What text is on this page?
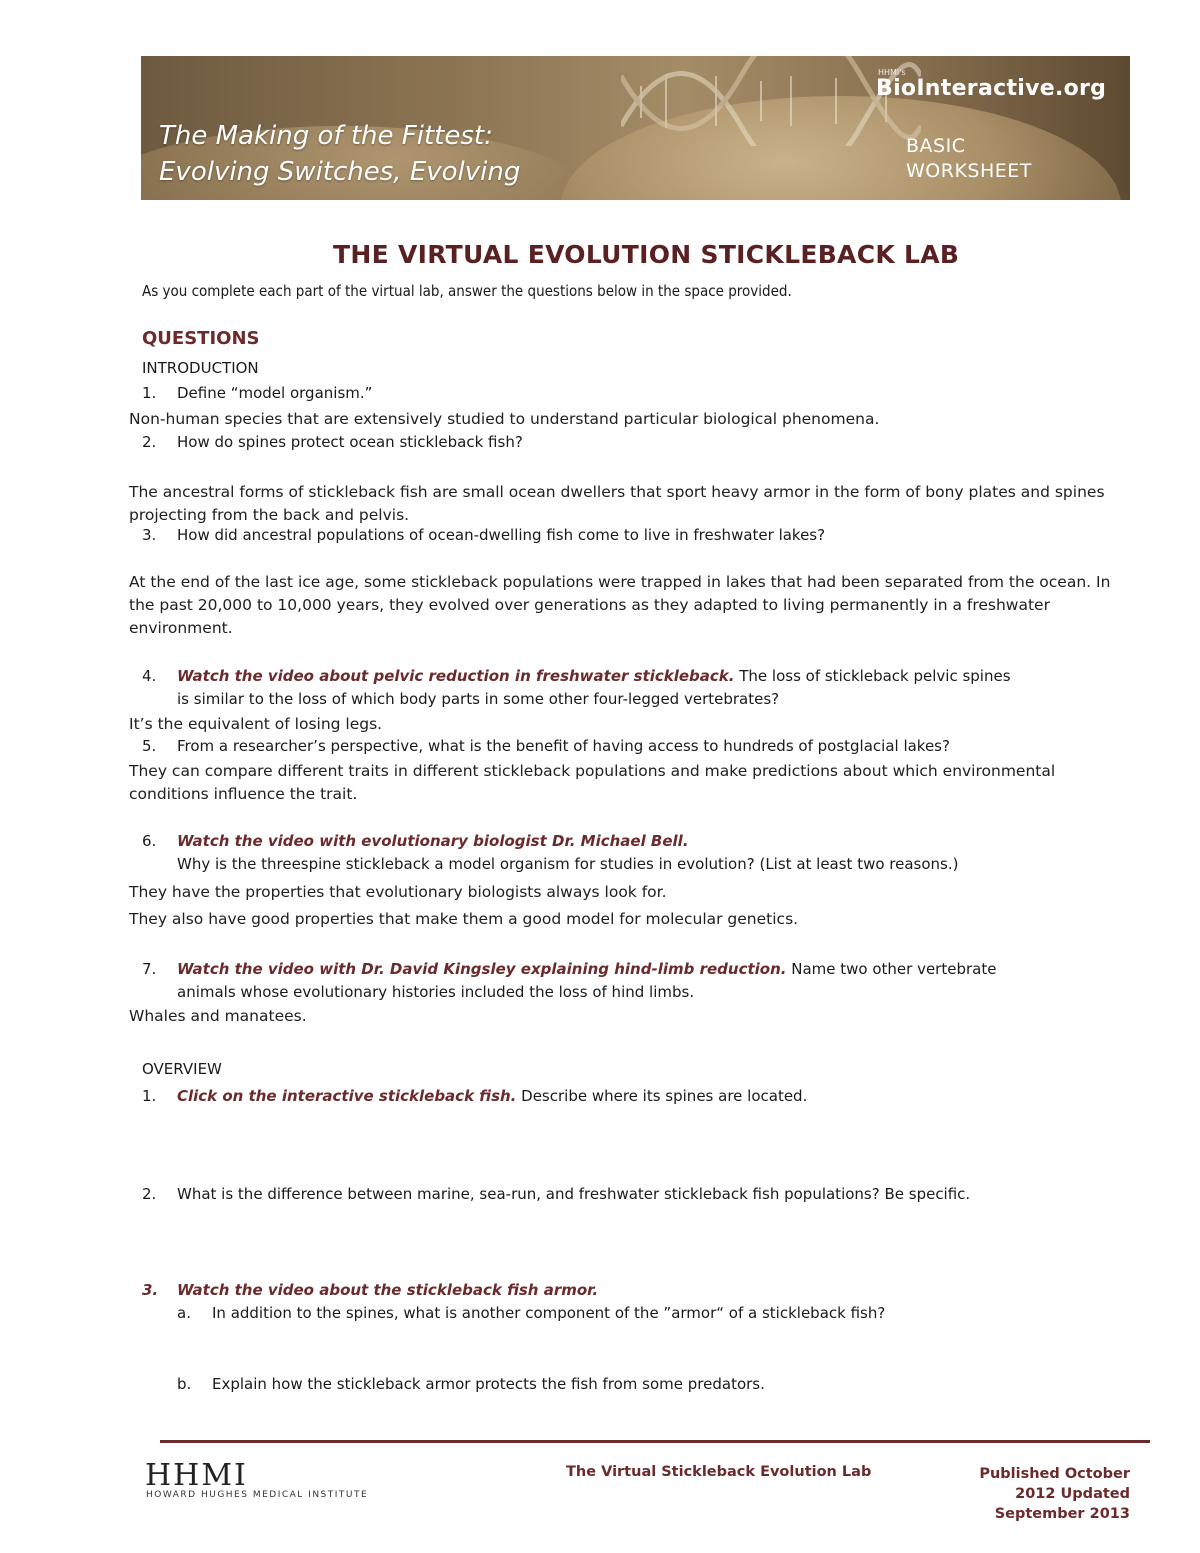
HHMI's
BioInteractive.org
The Making of the Fittest:
Evolving Switches, Evolving
BASIC
WORKSHEET
THE VIRTUAL EVOLUTION STICKLEBACK LAB
As you complete each part of the virtual lab, answer the questions below in the space provided.
QUESTIONS
INTRODUCTION
1. Define “model organism.”
Non-human species that are extensively studied to understand particular biological phenomena.
2. How do spines protect ocean stickleback fish?
The ancestral forms of stickleback fish are small ocean dwellers that sport heavy armor in the form of bony plates and spines projecting from the back and pelvis.
3. How did ancestral populations of ocean-dwelling fish come to live in freshwater lakes?
At the end of the last ice age, some stickleback populations were trapped in lakes that had been separated from the ocean. In the past 20,000 to 10,000 years, they evolved over generations as they adapted to living permanently in a freshwater environment.
4. Watch the video about pelvic reduction in freshwater stickleback. The loss of stickleback pelvic spines
is similar to the loss of which body parts in some other four-legged vertebrates?
It’s the equivalent of losing legs.
5. From a researcher’s perspective, what is the benefit of having access to hundreds of postglacial lakes?
They can compare different traits in different stickleback populations and make predictions about which environmental conditions influence the trait.
6. Watch the video with evolutionary biologist Dr. Michael Bell.
Why is the threespine stickleback a model organism for studies in evolution? (List at least two reasons.)
They have the properties that evolutionary biologists always look for.
They also have good properties that make them a good model for molecular genetics.
7. Watch the video with Dr. David Kingsley explaining hind-limb reduction. Name two other vertebrate
animals whose evolutionary histories included the loss of hind limbs.
Whales and manatees.
OVERVIEW
1. Click on the interactive stickleback fish. Describe where its spines are located.
2. What is the difference between marine, sea-run, and freshwater stickleback fish populations? Be specific.
3. Watch the video about the stickleback fish armor.
a. In addition to the spines, what is another component of the ”armor“ of a stickleback fish?
b. Explain how the stickleback armor protects the fish from some predators.
HHMI
HOWARD HUGHES MEDICAL INSTITUTE
The Virtual Stickleback Evolution Lab	Published October
2012 Updated
September 2013
